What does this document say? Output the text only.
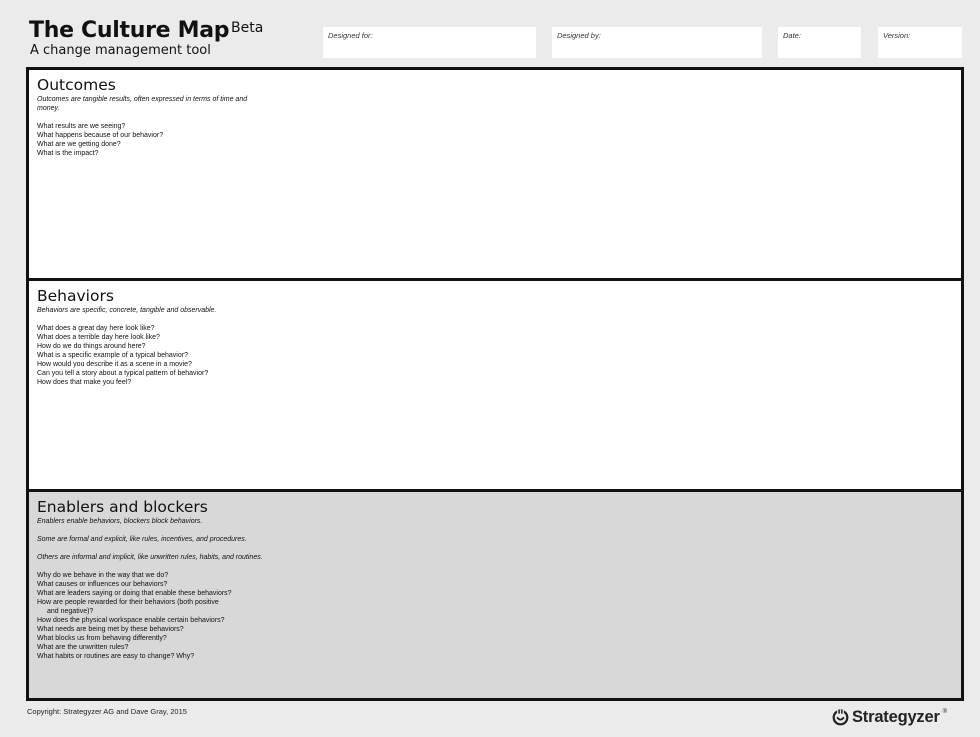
The Culture Map Beta
A change management tool
Designed for:	Designed by:	Date:	Version:
Outcomes

Outcomes are tangible results, often expressed in terms of time and money.

What results are we seeing?

What happens because of our behavior?

What are we getting done?

What is the impact?

Behaviors

Behaviors are specific, concrete, tangible and observable.

What does a great day here look like?

What does a terrible day here look like?

How do we do things around here?

What is a specific example of a typical behavior?

How would you describe it as a scene in a movie?

Can you tell a story about a typical pattern of behavior?

How does that make you feel?

Enablers and blockers

Enablers enable behaviors, blockers block behaviors.

Some are formal and explicit, like rules, incentives, and procedures.

Others are informal and implicit, like unwritten rules, habits, and routines.

Why do we behave in the way that we do?

What causes or influences our behaviors?

What are leaders saying or doing that enable these behaviors?

How are people rewarded for their behaviors (both positive

and negative)?

How does the physical workspace enable certain behaviors?

What needs are being met by these behaviors?

What blocks us from behaving differently?

What are the unwritten rules?

What habits or routines are easy to change? Why?

Copyright: Strategyzer AG and Dave Gray, 2015	Strategyzer ®
